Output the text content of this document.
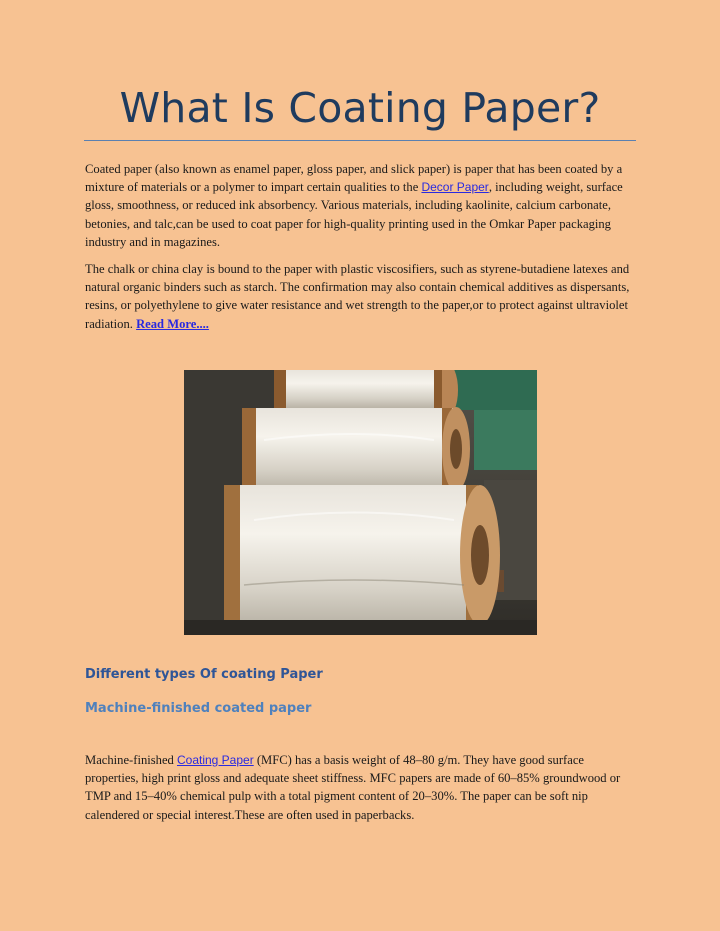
What Is Coating Paper?

Coated paper (also known as enamel paper, gloss paper, and slick paper) is paper that has been coated by a mixture of materials or a polymer to impart certain qualities to the Decor Paper, including weight, surface gloss, smoothness, or reduced ink absorbency. Various materials, including kaolinite, calcium carbonate, betonies, and talc,can be used to coat paper for high-quality printing used in the Omkar Paper packaging industry and in magazines.

The chalk or china clay is bound to the paper with plastic viscosifiers, such as styrene-butadiene latexes and natural organic binders such as starch. The confirmation may also contain chemical additives as dispersants, resins, or polyethylene to give water resistance and wet strength to the paper,or to protect against ultraviolet radiation. Read More....

Different types Of coating Paper
Machine-finished coated paper

Machine-finished Coating Paper (MFC) has a basis weight of 48–80 g/m. They have good surface properties, high print gloss and adequate sheet stiffness. MFC papers are made of 60–85% groundwood or TMP and 15–40% chemical pulp with a total pigment content of 20–30%. The paper can be soft nip calendered or special interest.These are often used in paperbacks.
